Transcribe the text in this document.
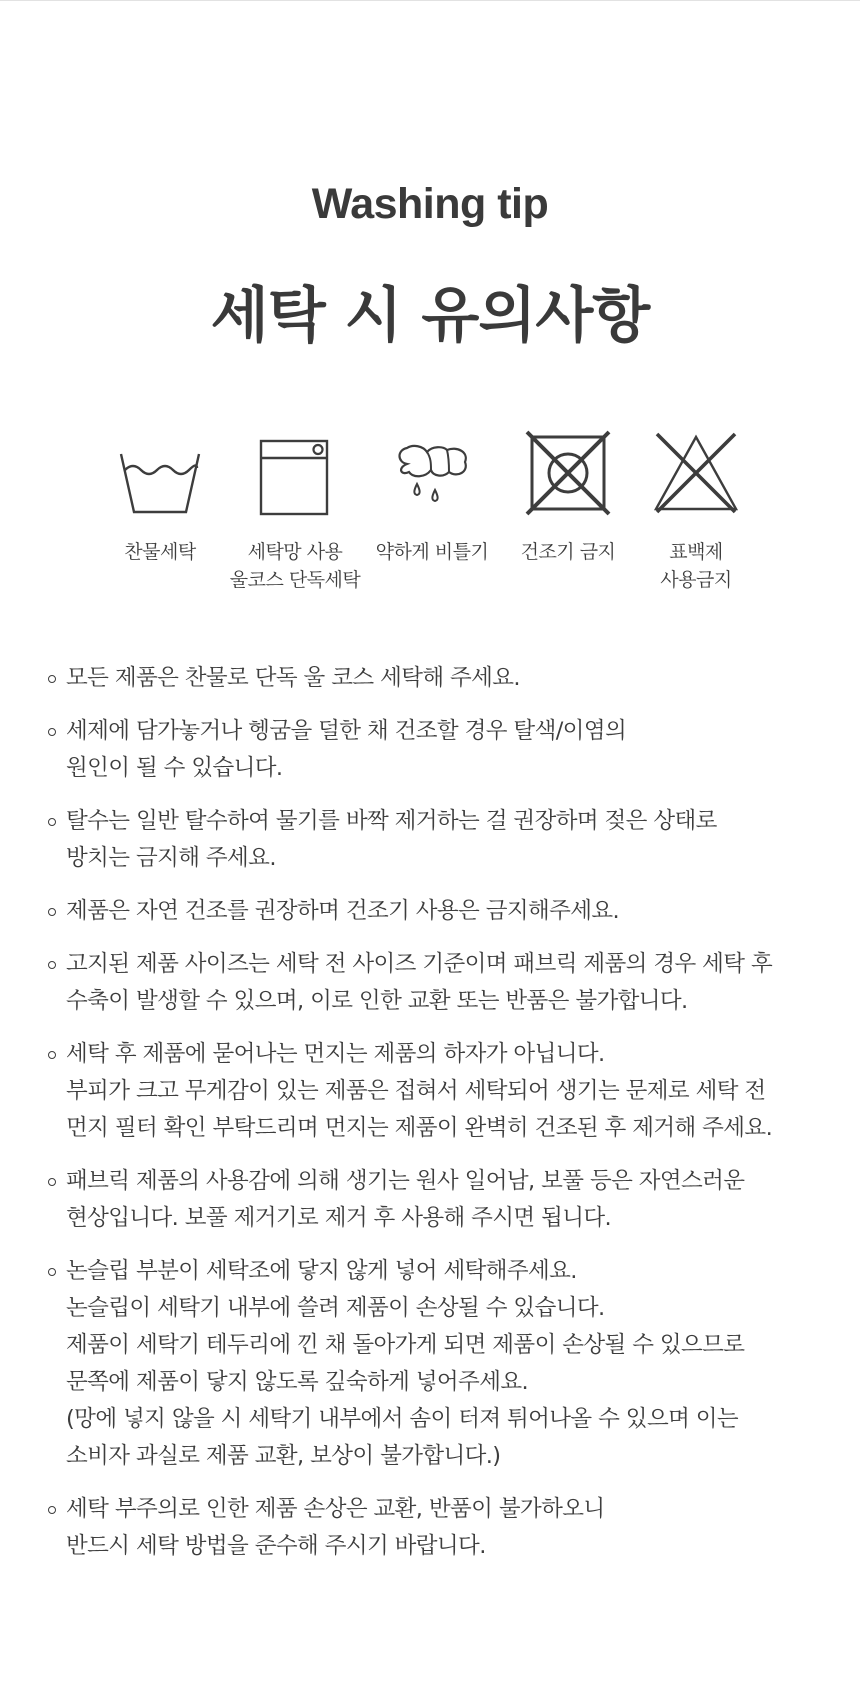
Washing tip
세탁 시 유의사항
찬물세탁	세탁망 사용
울코스 단독세탁
약하게 비틀기	건조기 금지	표백제
사용금지
모든 제품은 찬물로 단독 울 코스 세탁해 주세요.
세제에 담가놓거나 헹굼을 덜한 채 건조할 경우 탈색/이염의
원인이 될 수 있습니다.
탈수는 일반 탈수하여 물기를 바짝 제거하는 걸 권장하며 젖은 상태로
방치는 금지해 주세요.
제품은 자연 건조를 권장하며 건조기 사용은 금지해주세요.
고지된 제품 사이즈는 세탁 전 사이즈 기준이며 패브릭 제품의 경우 세탁 후
수축이 발생할 수 있으며, 이로 인한 교환 또는 반품은 불가합니다.
세탁 후 제품에 묻어나는 먼지는 제품의 하자가 아닙니다.
부피가 크고 무게감이 있는 제품은 접혀서 세탁되어 생기는 문제로 세탁 전
먼지 필터 확인 부탁드리며 먼지는 제품이 완벽히 건조된 후 제거해 주세요.
패브릭 제품의 사용감에 의해 생기는 원사 일어남, 보풀 등은 자연스러운
현상입니다. 보풀 제거기로 제거 후 사용해 주시면 됩니다.
논슬립 부분이 세탁조에 닿지 않게 넣어 세탁해주세요.
논슬립이 세탁기 내부에 쓸려 제품이 손상될 수 있습니다.
제품이 세탁기 테두리에 낀 채 돌아가게 되면 제품이 손상될 수 있으므로
문쪽에 제품이 닿지 않도록 깊숙하게 넣어주세요.
(망에 넣지 않을 시 세탁기 내부에서 솜이 터져 튀어나올 수 있으며 이는
소비자 과실로 제품 교환, 보상이 불가합니다.)
세탁 부주의로 인한 제품 손상은 교환, 반품이 불가하오니
반드시 세탁 방법을 준수해 주시기 바랍니다.
